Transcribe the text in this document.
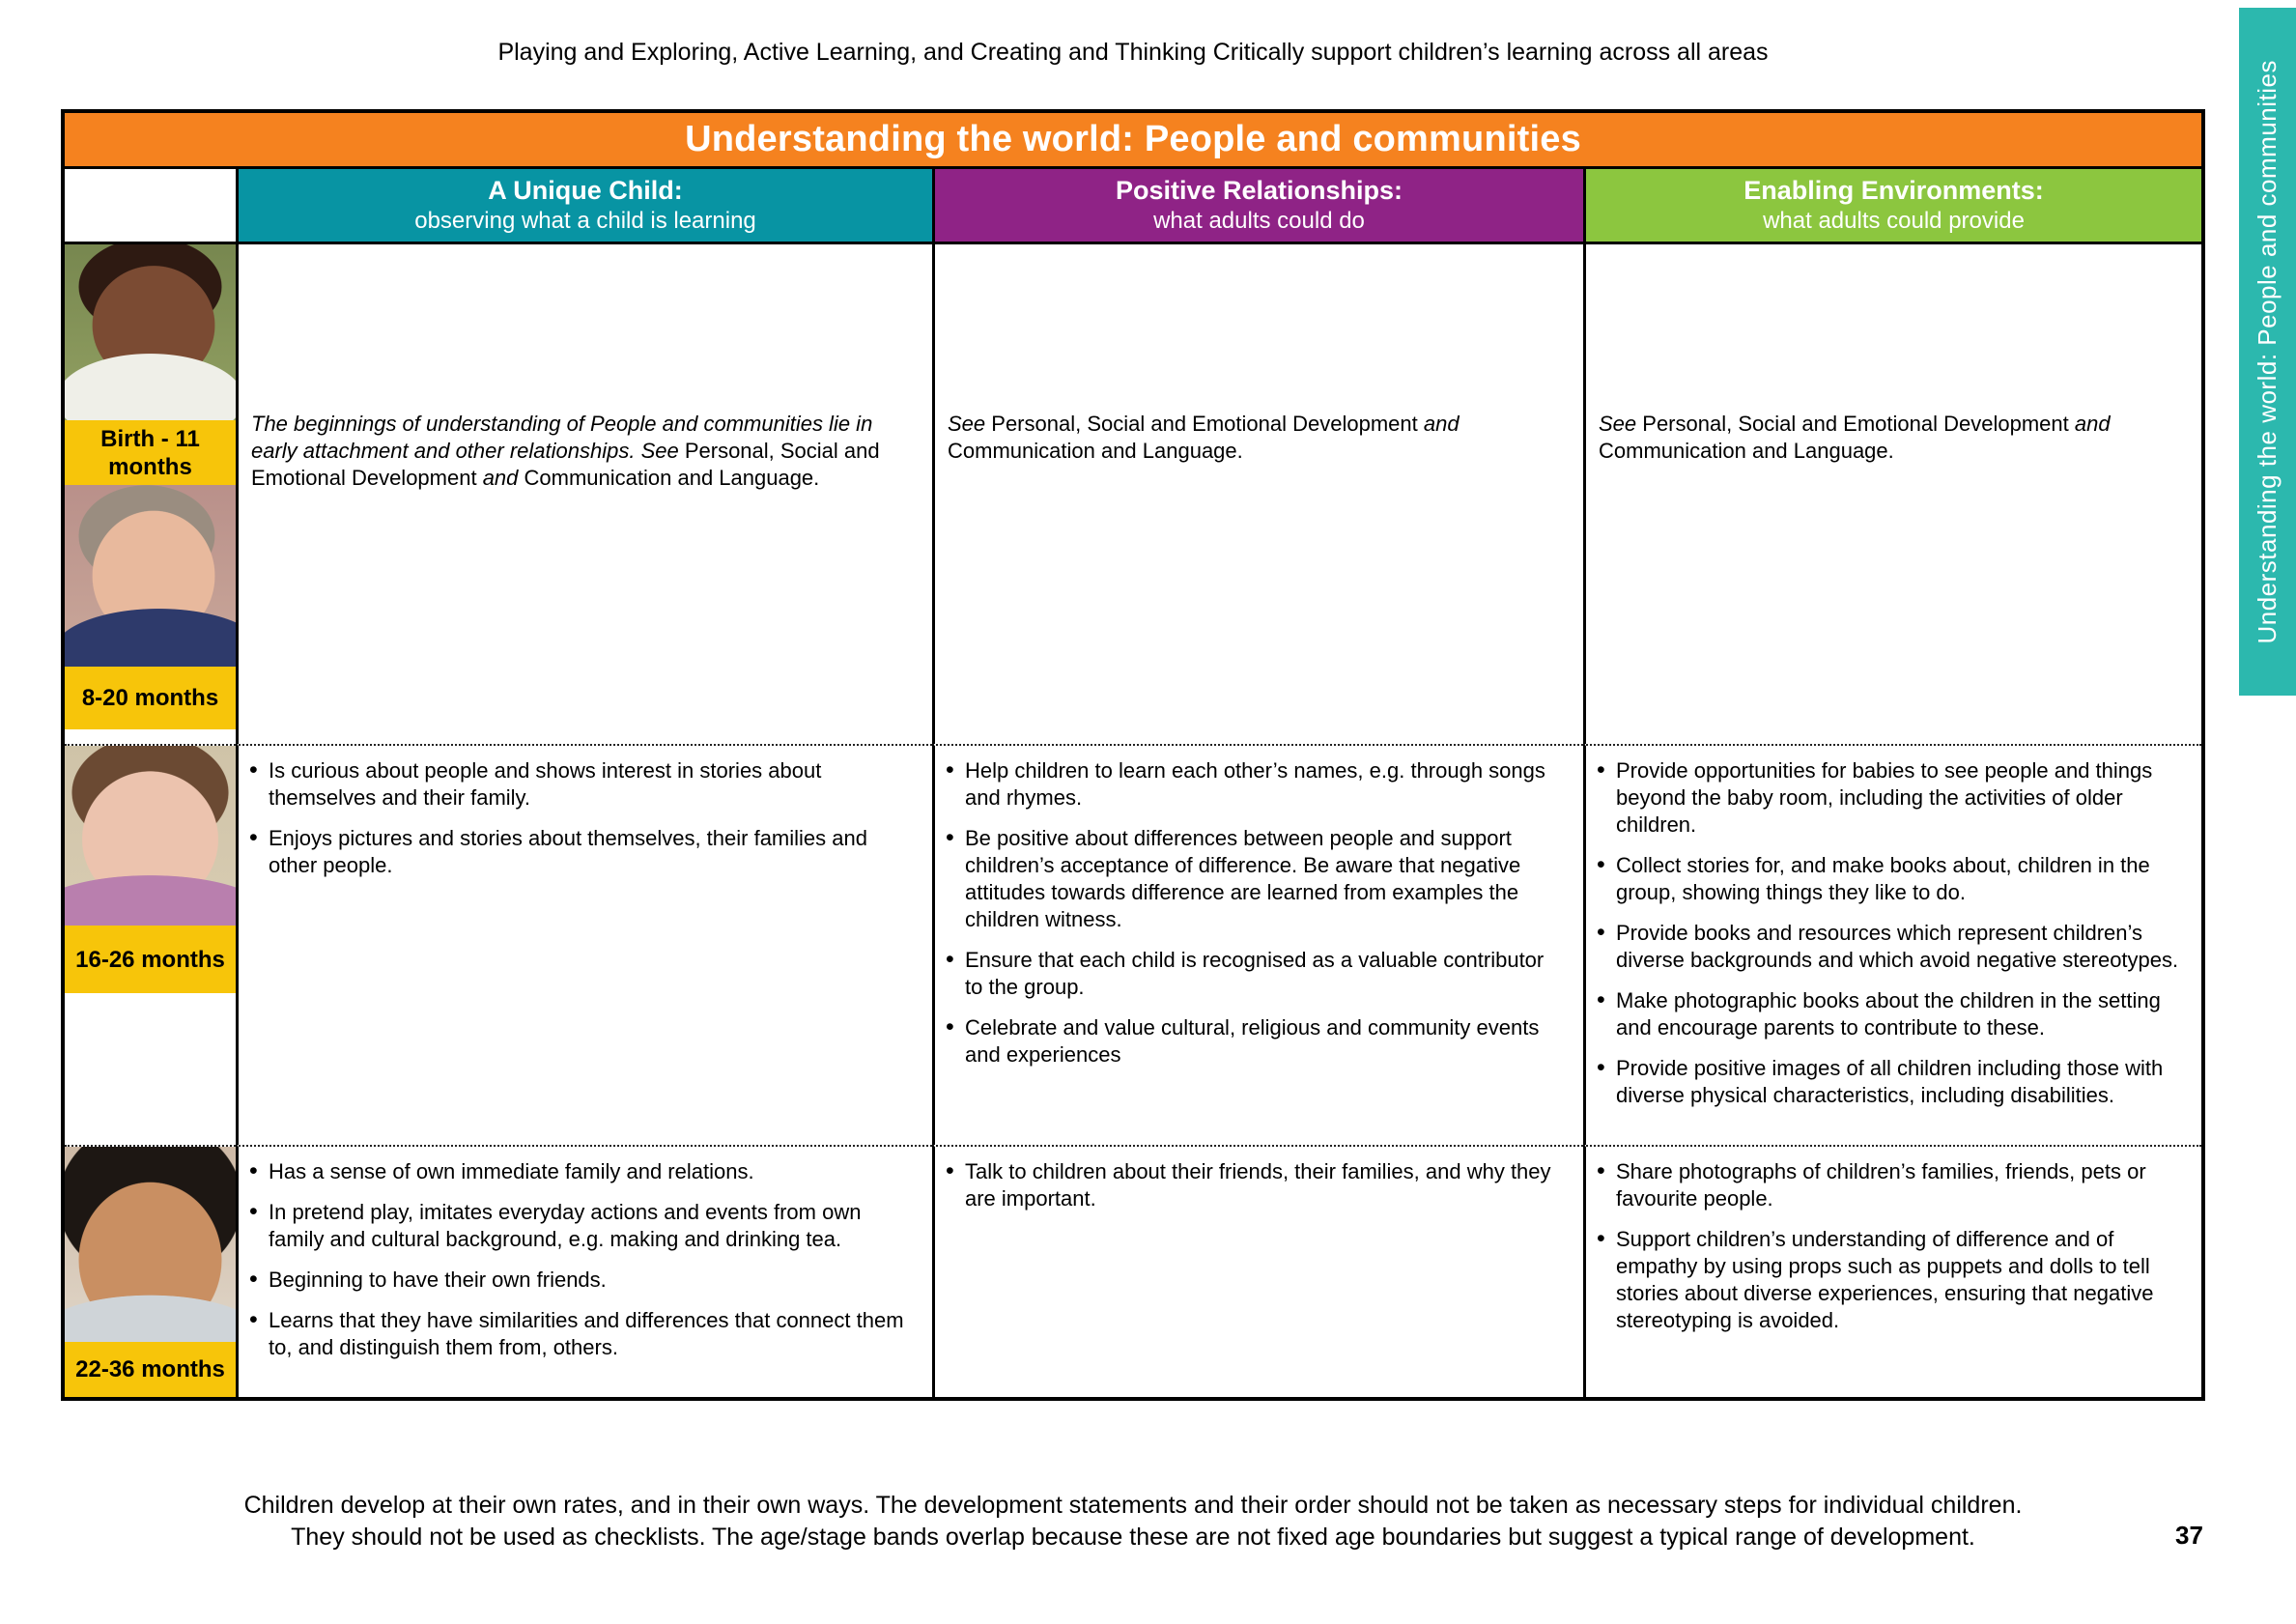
Playing and Exploring, Active Learning, and Creating and Thinking Critically support children’s learning across all areas
Understanding the world: People and communities
Understanding the world: People and communities
A Unique Child:
observing what a child is learning
Positive Relationships:
what adults could do
Enabling Environments:
what adults could provide
Birth - 11 months
8-20 months
The beginnings of understanding of People and communities lie in early attachment and other relationships. See Personal, Social and Emotional Development and Communication and Language.
See Personal, Social and Emotional Development and Communication and Language.
See Personal, Social and Emotional Development and Communication and Language.
16-26 months
• Is curious about people and shows interest in stories about themselves and their family.
• Enjoys pictures and stories about themselves, their families and other people.
• Help children to learn each other’s names, e.g. through songs and rhymes.
• Be positive about differences between people and support children’s acceptance of difference. Be aware that negative attitudes towards difference are learned from examples the children witness.
• Ensure that each child is recognised as a valuable contributor to the group.
• Celebrate and value cultural, religious and community events and experiences
• Provide opportunities for babies to see people and things beyond the baby room, including the activities of older children.
• Collect stories for, and make books about, children in the group, showing things they like to do.
• Provide books and resources which represent children’s diverse backgrounds and which avoid negative stereotypes.
• Make photographic books about the children in the setting and encourage parents to contribute to these.
• Provide positive images of all children including those with diverse physical characteristics, including disabilities.
22-36 months
• Has a sense of own immediate family and relations.
• In pretend play, imitates everyday actions and events from own family and cultural background, e.g. making and drinking tea.
• Beginning to have their own friends.
• Learns that they have similarities and differences that connect them to, and distinguish them from, others.
• Talk to children about their friends, their families, and why they are important.
• Share photographs of children’s families, friends, pets or favourite people.
• Support children’s understanding of difference and of empathy by using props such as puppets and dolls to tell stories about diverse experiences, ensuring that negative stereotyping is avoided.
Children develop at their own rates, and in their own ways. The development statements and their order should not be taken as necessary steps for individual children.
They should not be used as checklists. The age/stage bands overlap because these are not fixed age boundaries but suggest a typical range of development.	37
